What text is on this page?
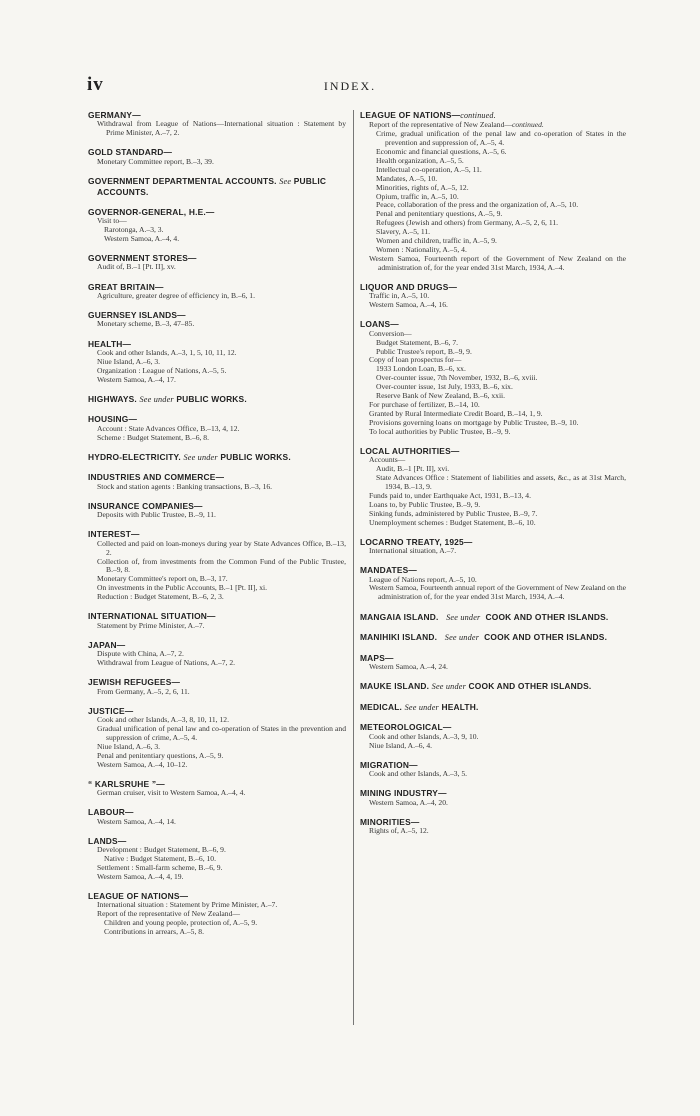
iv	INDEX.
GERMANY—
Withdrawal from League of Nations—International situation : Statement by Prime Minister, A.–7, 2.
GOLD STANDARD—
Monetary Committee report, B.–3, 39.
GOVERNMENT DEPARTMENTAL ACCOUNTS. See PUBLIC ACCOUNTS.
GOVERNOR-GENERAL, H.E.—
Visit to—
Rarotonga, A.–3, 3.
Western Samoa, A.–4, 4.
GOVERNMENT STORES—
Audit of, B.–1 [Pt. II], xv.
GREAT BRITAIN—
Agriculture, greater degree of efficiency in, B.–6, 1.
GUERNSEY ISLANDS—
Monetary scheme, B.–3, 47–85.
HEALTH—
Cook and other Islands, A.–3, 1, 5, 10, 11, 12.
Niue Island, A.–6, 3.
Organization : League of Nations, A.–5, 5.
Western Samoa, A.–4, 17.
HIGHWAYS. See under PUBLIC WORKS.
HOUSING—
Account : State Advances Office, B.–13, 4, 12.
Scheme : Budget Statement, B.–6, 8.
HYDRO-ELECTRICITY. See under PUBLIC WORKS.
INDUSTRIES AND COMMERCE—
Stock and station agents : Banking transactions, B.–3, 16.
INSURANCE COMPANIES—
Deposits with Public Trustee, B.–9, 11.
INTEREST—
Collected and paid on loan-moneys during year by State Advances Office, B.–13, 2.
Collection of, from investments from the Common Fund of the Public Trustee, B.–9, 8.
Monetary Committee's report on, B.–3, 17.
On investments in the Public Accounts, B.–1 [Pt. II], xi.
Reduction : Budget Statement, B.–6, 2, 3.
INTERNATIONAL SITUATION—
Statement by Prime Minister, A.–7.
JAPAN—
Dispute with China, A.–7, 2.
Withdrawal from League of Nations, A.–7, 2.
JEWISH REFUGEES—
From Germany, A.–5, 2, 6, 11.
JUSTICE—
Cook and other Islands, A.–3, 8, 10, 11, 12.
Gradual unification of penal law and co-operation of States in the prevention and suppression of crime, A.–5, 4.
Niue Island, A.–6, 3.
Penal and penitentiary questions, A.–5, 9.
Western Samoa, A.–4, 10–12.
“ KARLSRUHE ”—
German cruiser, visit to Western Samoa, A.–4, 4.
LABOUR—
Western Samoa, A.–4, 14.
LANDS—
Development : Budget Statement, B.–6, 9.
Native : Budget Statement, B.–6, 10.
Settlement : Small-farm scheme, B.–6, 9.
Western Samoa, A.–4, 4, 19.
LEAGUE OF NATIONS—
International situation : Statement by Prime Minister, A.–7.
Report of the representative of New Zealand—
Children and young people, protection of, A.–5, 9.
Contributions in arrears, A.–5, 8.
LEAGUE OF NATIONS—continued.
Report of the representative of New Zealand—continued.
Crime, gradual unification of the penal law and co-operation of States in the prevention and suppression of, A.–5, 4.
Economic and financial questions, A.–5, 6.
Health organization, A.–5, 5.
Intellectual co-operation, A.–5, 11.
Mandates, A.–5, 10.
Minorities, rights of, A.–5, 12.
Opium, traffic in, A.–5, 10.
Peace, collaboration of the press and the organization of, A.–5, 10.
Penal and penitentiary questions, A.–5, 9.
Refugees (Jewish and others) from Germany, A.–5, 2, 6, 11.
Slavery, A.–5, 11.
Women and children, traffic in, A.–5, 9.
Women : Nationality, A.–5, 4.
Western Samoa, Fourteenth report of the Government of New Zealand on the administration of, for the year ended 31st March, 1934, A.–4.
LIQUOR AND DRUGS—
Traffic in, A.–5, 10.
Western Samoa, A.–4, 16.
LOANS—
Conversion—
Budget Statement, B.–6, 7.
Public Trustee's report, B.–9, 9.
Copy of loan prospectus for—
1933 London Loan, B.–6, xx.
Over-counter issue, 7th November, 1932, B.–6, xviii.
Over-counter issue, 1st July, 1933, B.–6, xix.
Reserve Bank of New Zealand, B.–6, xxii.
For purchase of fertilizer, B.–14, 10.
Granted by Rural Intermediate Credit Board, B.–14, 1, 9.
Provisions governing loans on mortgage by Public Trustee, B.–9, 10.
To local authorities by Public Trustee, B.–9, 9.
LOCAL AUTHORITIES—
Accounts—
Audit, B.–1 [Pt. II], xvi.
State Advances Office : Statement of liabilities and assets, &c., as at 31st March, 1934, B.–13, 9.
Funds paid to, under Earthquake Act, 1931, B.–13, 4.
Loans to, by Public Trustee, B.–9, 9.
Sinking funds, administered by Public Trustee, B.–9, 7.
Unemployment schemes : Budget Statement, B.–6, 10.
LOCARNO TREATY, 1925—
International situation, A.–7.
MANDATES—
League of Nations report, A.–5, 10.
Western Samoa, Fourteenth annual report of the Government of New Zealand on the administration of, for the year ended 31st March, 1934, A.–4.
MANGAIA ISLAND. See under COOK AND OTHER ISLANDS.
MANIHIKI ISLAND. See under COOK AND OTHER ISLANDS.
MAPS—
Western Samoa, A.–4, 24.
MAUKE ISLAND. See under COOK AND OTHER ISLANDS.
MEDICAL. See under HEALTH.
METEOROLOGICAL—
Cook and other Islands, A.–3, 9, 10.
Niue Island, A.–6, 4.
MIGRATION—
Cook and other Islands, A.–3, 5.
MINING INDUSTRY—
Western Samoa, A.–4, 20.
MINORITIES—
Rights of, A.–5, 12.
